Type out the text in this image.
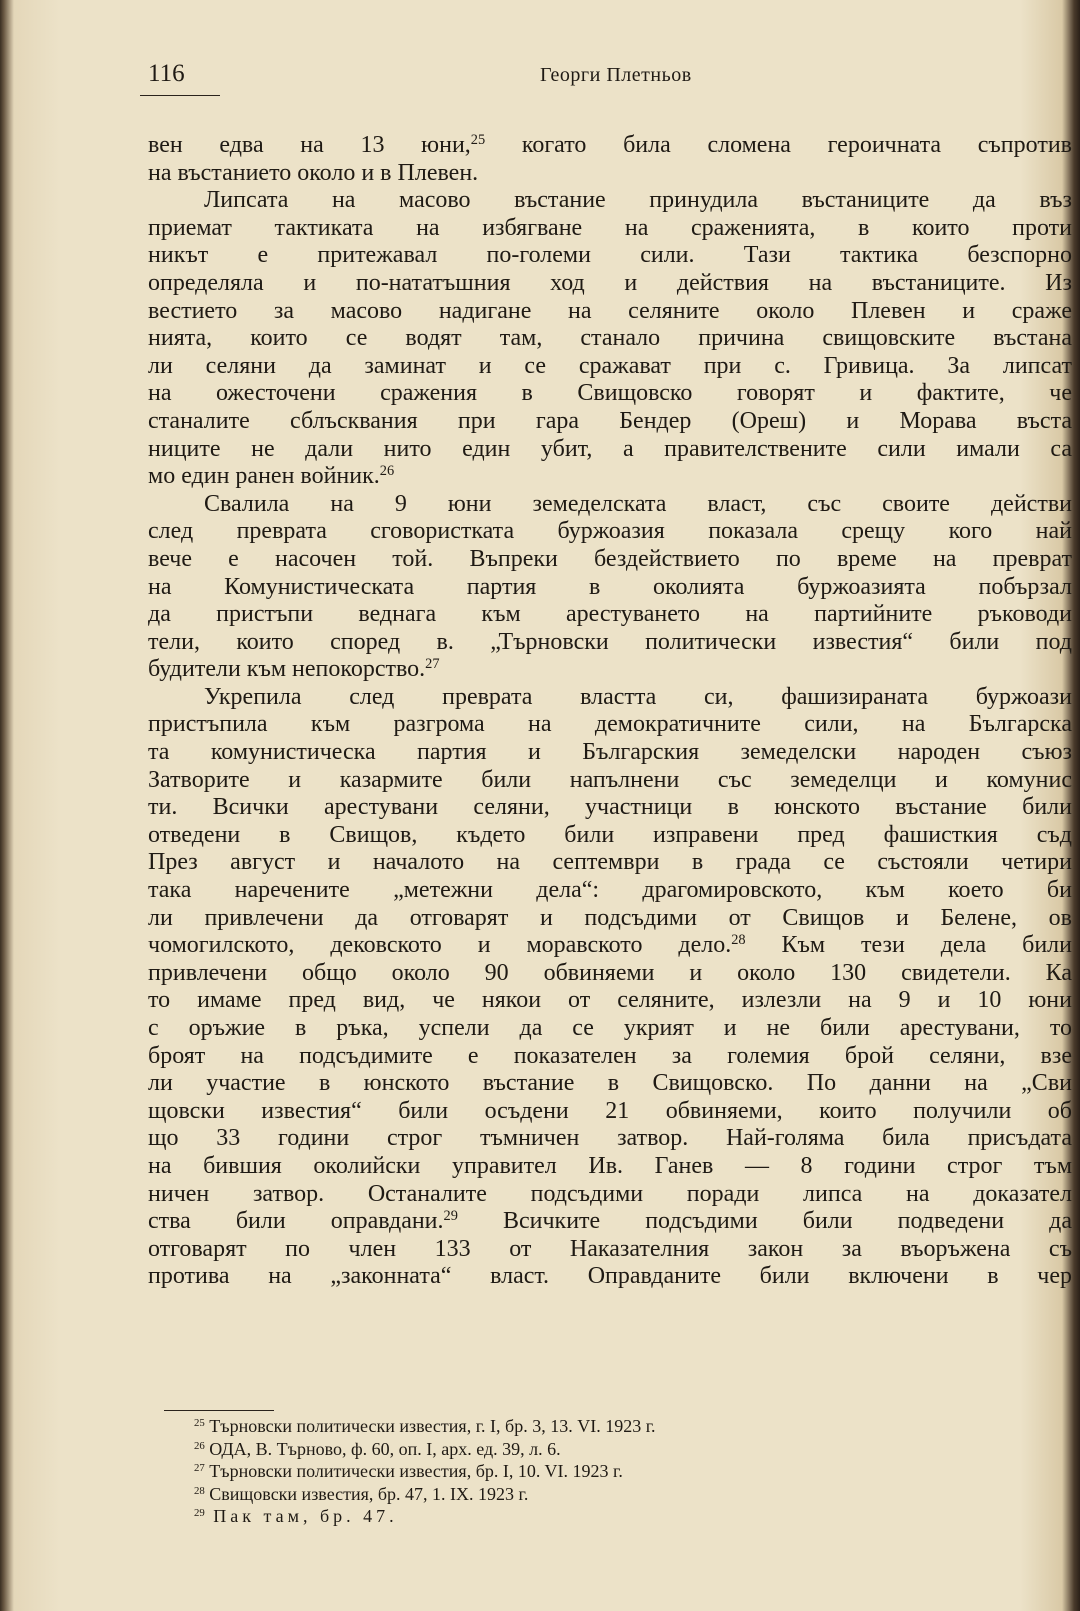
116	Георги Плетньов
вен едва на 13 юни,$^{25}$ когато била сломена героичната съпротив
на въстанието около и в Плевен.
Липсата на масово въстание принудила въстаниците да въз
приемат тактиката на избягване на сраженията, в които проти
никът е притежавал по-големи сили. Тази тактика безспорно
определяла и по-нататъшния ход и действия на въстаниците. Из
вестието за масово надигане на селяните около Плевен и сраже
нията, които се водят там, станало причина свищовските въстана
ли селяни да заминат и се сражават при с. Гривица. За липсат
на ожесточени сражения в Свищовско говорят и фактите, че
станалите сблъсквания при гара Бендер (Ореш) и Морава въста
ниците не дали нито един убит, а правителствените сили имали са
мо един ранен войник.$^{26}$
Свалила на 9 юни земеделската власт, със своите действи
след преврата сговористката буржоазия показала срещу кого най
вече е насочен той. Въпреки бездействието по време на преврат
на Комунистическата партия в околията буржоазията побързал
да пристъпи веднага към арестуването на партийните ръководи
тели, които според в. „Търновски политически известия“ били под
будители към непокорство.$^{27}$
Укрепила след преврата властта си, фашизираната буржоази
пристъпила към разгрома на демократичните сили, на Българска
та комунистическа партия и Българския земеделски народен съюз
Затворите и казармите били напълнени със земеделци и комунис
ти. Всички арестувани селяни, участници в юнското въстание били
отведени в Свищов, където били изправени пред фашисткия съд
През август и началото на септември в града се състояли четири
така наречените „метежни дела“: драгомировското, към което би
ли привлечени да отговарят и подсъдими от Свищов и Белене, ов
чомогилското, дековското и моравското дело.$^{28}$ Към тези дела били
привлечени общо около 90 обвиняеми и около 130 свидетели. Ка
то имаме пред вид, че някои от селяните, излезли на 9 и 10 юни
с оръжие в ръка, успели да се укрият и не били арестувани, то
броят на подсъдимите е показателен за големия брой селяни, взе
ли участие в юнското въстание в Свищовско. По данни на „Сви
щовски известия“ били осъдени 21 обвиняеми, които получили об
що 33 години строг тъмничен затвор. Най-голяма била присъдата
на бившия околийски управител Ив. Ганев — 8 години строг тъм
ничен затвор. Останалите подсъдими поради липса на доказател
ства били оправдани.$^{29}$ Всичките подсъдими били подведени да
отговарят по член 133 от Наказателния закон за въоръжена съ
протива на „законната“ власт. Оправданите били включени в чер
$^{25}$ Търновски политически известия, г. I, бр. 3, 13. VI. 1923 г.
$^{26}$ ОДА, В. Търново, ф. 60, оп. I, арх. ед. 39, л. 6.
$^{27}$ Търновски политически известия, бр. I, 10. VI. 1923 г.
$^{28}$ Свищовски известия, бр. 47, 1. IX. 1923 г.
$^{29}$ Пак там, бр. 47.
